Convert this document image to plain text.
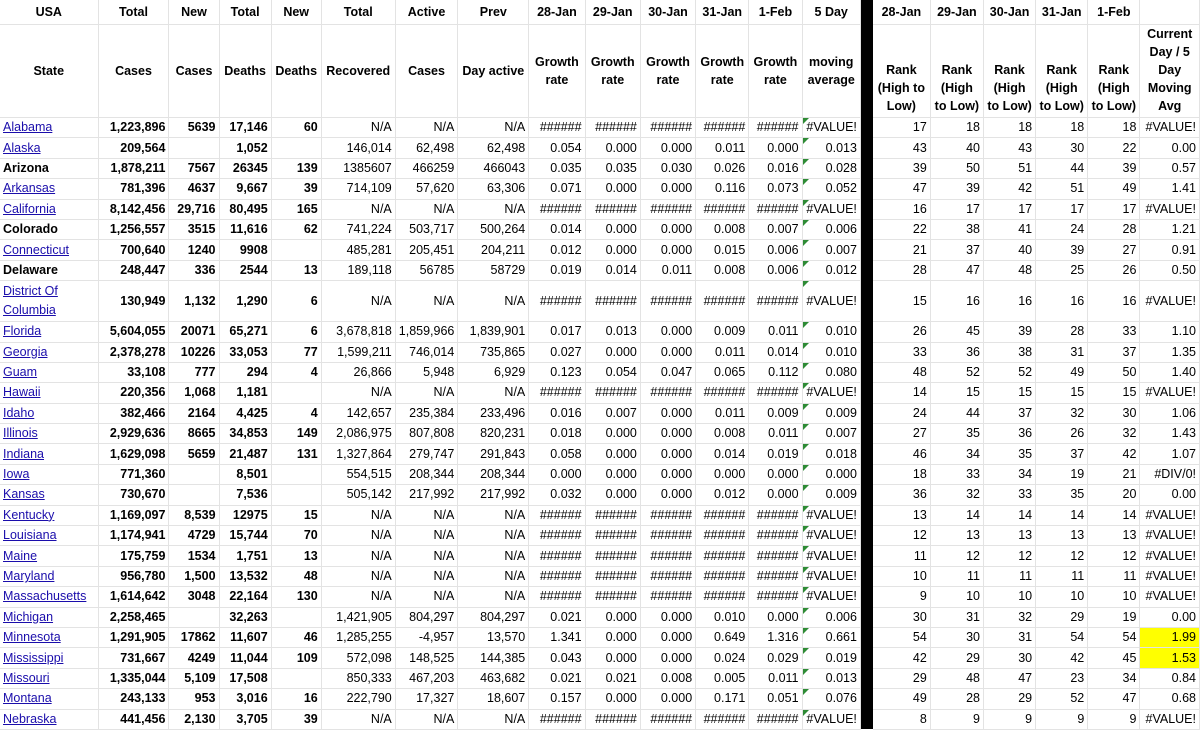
USA	Total	New	Total	New	Total	Active	Prev	28-Jan	29-Jan	30-Jan	31-Jan	1-Feb	5 Day		28-Jan	29-Jan	30-Jan	31-Jan	1-Feb	
State	Cases	Cases	Deaths	Deaths	Recovered	Cases	Day active	Growth rate	Growth rate	Growth rate	Growth rate	Growth rate	moving average		Rank (High to Low)	Rank (High to Low)	Rank (High to Low)	Rank (High to Low)	Rank (High to Low)	Current Day / 5 Day Moving Avg
Alabama	1,223,896	5639	17,146	60	N/A	N/A	N/A	######	######	######	######	######	#VALUE!		17	18	18	18	18	#VALUE!
Alaska	209,564		1,052		146,014	62,498	62,498	0.054	0.000	0.000	0.011	0.000	0.013		43	40	43	30	22	0.00
Arizona	1,878,211	7567	26345	139	1385607	466259	466043	0.035	0.035	0.030	0.026	0.016	0.028		39	50	51	44	39	0.57
Arkansas	781,396	4637	9,667	39	714,109	57,620	63,306	0.071	0.000	0.000	0.116	0.073	0.052		47	39	42	51	49	1.41
California	8,142,456	29,716	80,495	165	N/A	N/A	N/A	######	######	######	######	######	#VALUE!		16	17	17	17	17	#VALUE!
Colorado	1,256,557	3515	11,616	62	741,224	503,717	500,264	0.014	0.000	0.000	0.008	0.007	0.006		22	38	41	24	28	1.21
Connecticut	700,640	1240	9908		485,281	205,451	204,211	0.012	0.000	0.000	0.015	0.006	0.007		21	37	40	39	27	0.91
Delaware	248,447	336	2544	13	189,118	56785	58729	0.019	0.014	0.011	0.008	0.006	0.012		28	47	48	25	26	0.50
District Of Columbia	130,949	1,132	1,290	6	N/A	N/A	N/A	######	######	######	######	######	#VALUE!		15	16	16	16	16	#VALUE!
Florida	5,604,055	20071	65,271	6	3,678,818	1,859,966	1,839,901	0.017	0.013	0.000	0.009	0.011	0.010		26	45	39	28	33	1.10
Georgia	2,378,278	10226	33,053	77	1,599,211	746,014	735,865	0.027	0.000	0.000	0.011	0.014	0.010		33	36	38	31	37	1.35
Guam	33,108	777	294	4	26,866	5,948	6,929	0.123	0.054	0.047	0.065	0.112	0.080		48	52	52	49	50	1.40
Hawaii	220,356	1,068	1,181		N/A	N/A	N/A	######	######	######	######	######	#VALUE!		14	15	15	15	15	#VALUE!
Idaho	382,466	2164	4,425	4	142,657	235,384	233,496	0.016	0.007	0.000	0.011	0.009	0.009		24	44	37	32	30	1.06
Illinois	2,929,636	8665	34,853	149	2,086,975	807,808	820,231	0.018	0.000	0.000	0.008	0.011	0.007		27	35	36	26	32	1.43
Indiana	1,629,098	5659	21,487	131	1,327,864	279,747	291,843	0.058	0.000	0.000	0.014	0.019	0.018		46	34	35	37	42	1.07
Iowa	771,360		8,501		554,515	208,344	208,344	0.000	0.000	0.000	0.000	0.000	0.000		18	33	34	19	21	#DIV/0!
Kansas	730,670		7,536		505,142	217,992	217,992	0.032	0.000	0.000	0.012	0.000	0.009		36	32	33	35	20	0.00
Kentucky	1,169,097	8,539	12975	15	N/A	N/A	N/A	######	######	######	######	######	#VALUE!		13	14	14	14	14	#VALUE!
Louisiana	1,174,941	4729	15,744	70	N/A	N/A	N/A	######	######	######	######	######	#VALUE!		12	13	13	13	13	#VALUE!
Maine	175,759	1534	1,751	13	N/A	N/A	N/A	######	######	######	######	######	#VALUE!		11	12	12	12	12	#VALUE!
Maryland	956,780	1,500	13,532	48	N/A	N/A	N/A	######	######	######	######	######	#VALUE!		10	11	11	11	11	#VALUE!
Massachusetts	1,614,642	3048	22,164	130	N/A	N/A	N/A	######	######	######	######	######	#VALUE!		9	10	10	10	10	#VALUE!
Michigan	2,258,465		32,263		1,421,905	804,297	804,297	0.021	0.000	0.000	0.010	0.000	0.006		30	31	32	29	19	0.00
Minnesota	1,291,905	17862	11,607	46	1,285,255	-4,957	13,570	1.341	0.000	0.000	0.649	1.316	0.661		54	30	31	54	54	1.99
Mississippi	731,667	4249	11,044	109	572,098	148,525	144,385	0.043	0.000	0.000	0.024	0.029	0.019		42	29	30	42	45	1.53
Missouri	1,335,044	5,109	17,508		850,333	467,203	463,682	0.021	0.021	0.008	0.005	0.011	0.013		29	48	47	23	34	0.84
Montana	243,133	953	3,016	16	222,790	17,327	18,607	0.157	0.000	0.000	0.171	0.051	0.076		49	28	29	52	47	0.68
Nebraska	441,456	2,130	3,705	39	N/A	N/A	N/A	######	######	######	######	######	#VALUE!		8	9	9	9	9	#VALUE!
